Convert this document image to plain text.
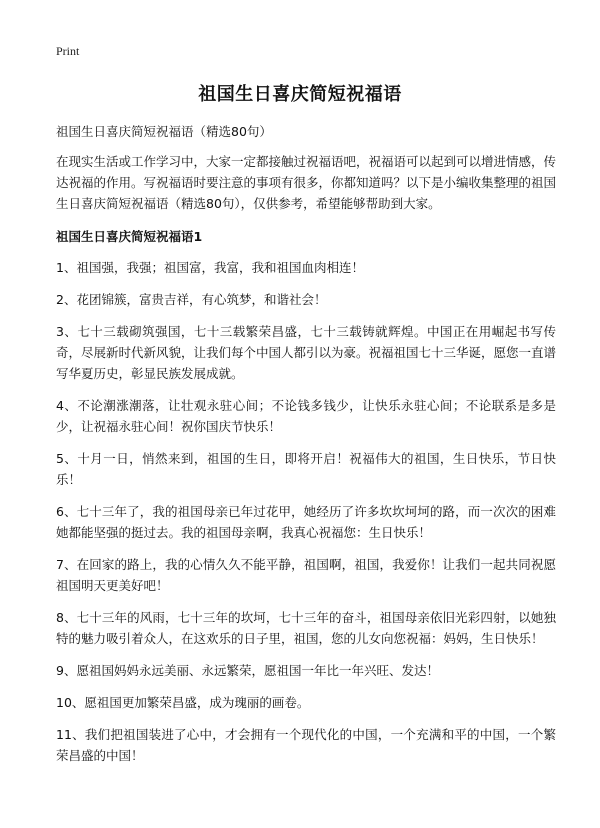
Print
祖国生日喜庆简短祝福语

祖国生日喜庆简短祝福语（精选80句）

在现实生活或工作学习中，大家一定都接触过祝福语吧，祝福语可以起到可以增进情感，传达祝福的作用。写祝福语时要注意的事项有很多，你都知道吗？以下是小编收集整理的祖国生日喜庆简短祝福语（精选80句），仅供参考，希望能够帮助到大家。

祖国生日喜庆简短祝福语1
1、祖国强，我强；祖国富，我富，我和祖国血肉相连！
2、花团锦簇，富贵吉祥，有心筑梦，和谐社会！
3、七十三载砌筑强国，七十三载繁荣昌盛，七十三载铸就辉煌。中国正在用崛起书写传奇，尽展新时代新风貌，让我们每个中国人都引以为豪。祝福祖国七十三华诞，愿您一直谱写华夏历史，彰显民族发展成就。
4、不论潮涨潮落，让壮观永驻心间；不论钱多钱少，让快乐永驻心间；不论联系是多是少，让祝福永驻心间！祝你国庆节快乐！
5、十月一日，悄然来到，祖国的生日，即将开启！祝福伟大的祖国，生日快乐，节日快乐！
6、七十三年了，我的祖国母亲已年过花甲，她经历了许多坎坎坷坷的路，而一次次的困难她都能坚强的挺过去。我的祖国母亲啊，我真心祝福您：生日快乐！
7、在回家的路上，我的心情久久不能平静，祖国啊，祖国，我爱你！让我们一起共同祝愿祖国明天更美好吧！
8、七十三年的风雨，七十三年的坎坷，七十三年的奋斗，祖国母亲依旧光彩四射，以她独特的魅力吸引着众人，在这欢乐的日子里，祖国，您的儿女向您祝福：妈妈，生日快乐！
9、愿祖国妈妈永远美丽、永远繁荣，愿祖国一年比一年兴旺、发达！
10、愿祖国更加繁荣昌盛，成为瑰丽的画卷。
11、我们把祖国装进了心中，才会拥有一个现代化的中国，一个充满和平的中国，一个繁荣昌盛的中国！
